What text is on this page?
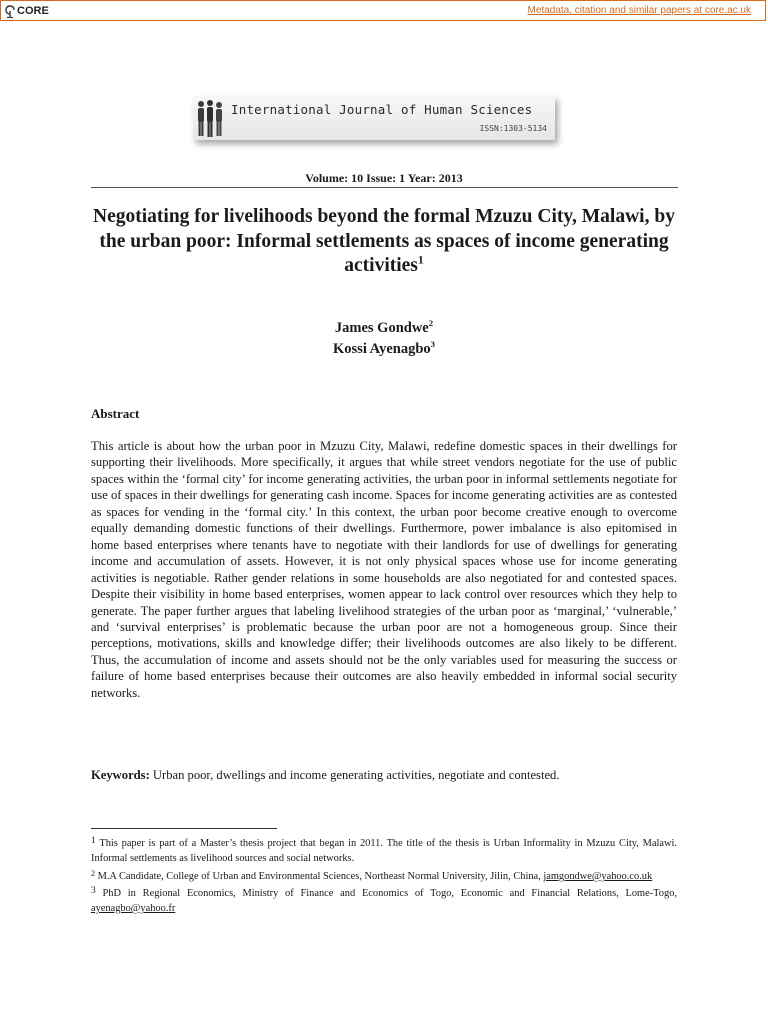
CORE	Metadata, citation and similar papers at core.ac.uk
International Journal of Human Sciences
ISSN:1303-5134
Volume: 10 Issue: 1 Year: 2013
Negotiating for livelihoods beyond the formal Mzuzu City, Malawi, by the urban poor: Informal settlements as spaces of income generating activities$^1$
James Gondwe$^2$
Kossi Ayenagbo$^3$
Abstract

This article is about how the urban poor in Mzuzu City, Malawi, redefine domestic spaces in their dwellings for supporting their livelihoods. More specifically, it argues that while street vendors negotiate for the use of public spaces within the ‘formal city’ for income generating activities, the urban poor in informal settlements negotiate for use of spaces in their dwellings for generating cash income. Spaces for income generating activities are as contested as spaces for vending in the ‘formal city.’ In this context, the urban poor become creative enough to overcome equally demanding domestic functions of their dwellings. Furthermore, power imbalance is also epitomised in home based enterprises where tenants have to negotiate with their landlords for use of dwellings for generating income and accumulation of assets. However, it is not only physical spaces whose use for income generating activities is negotiable. Rather gender relations in some households are also negotiated for and contested spaces. Despite their visibility in home based enterprises, women appear to lack control over resources which they help to generate. The paper further argues that labeling livelihood strategies of the urban poor as ‘marginal,’ ‘vulnerable,’ and ‘survival enterprises’ is problematic because the urban poor are not a homogeneous group. Since their perceptions, motivations, skills and knowledge differ; their livelihoods outcomes are also likely to be different. Thus, the accumulation of income and assets should not be the only variables used for measuring the success or failure of home based enterprises because their outcomes are also heavily embedded in informal social security networks.

Keywords: Urban poor, dwellings and income generating activities, negotiate and contested.

1 This paper is part of a Master’s thesis project that began in 2011. The title of the thesis is Urban Informality in Mzuzu City, Malawi. Informal settlements as livelihood sources and social networks.

$^2$ M.A Candidate, College of Urban and Environmental Sciences, Northeast Normal University, Jilin, China, jamgondwe@yahoo.co.uk

3 PhD in Regional Economics, Ministry of Finance and Economics of Togo, Economic and Financial Relations, Lome-Togo, ayenagbo@yahoo.fr
